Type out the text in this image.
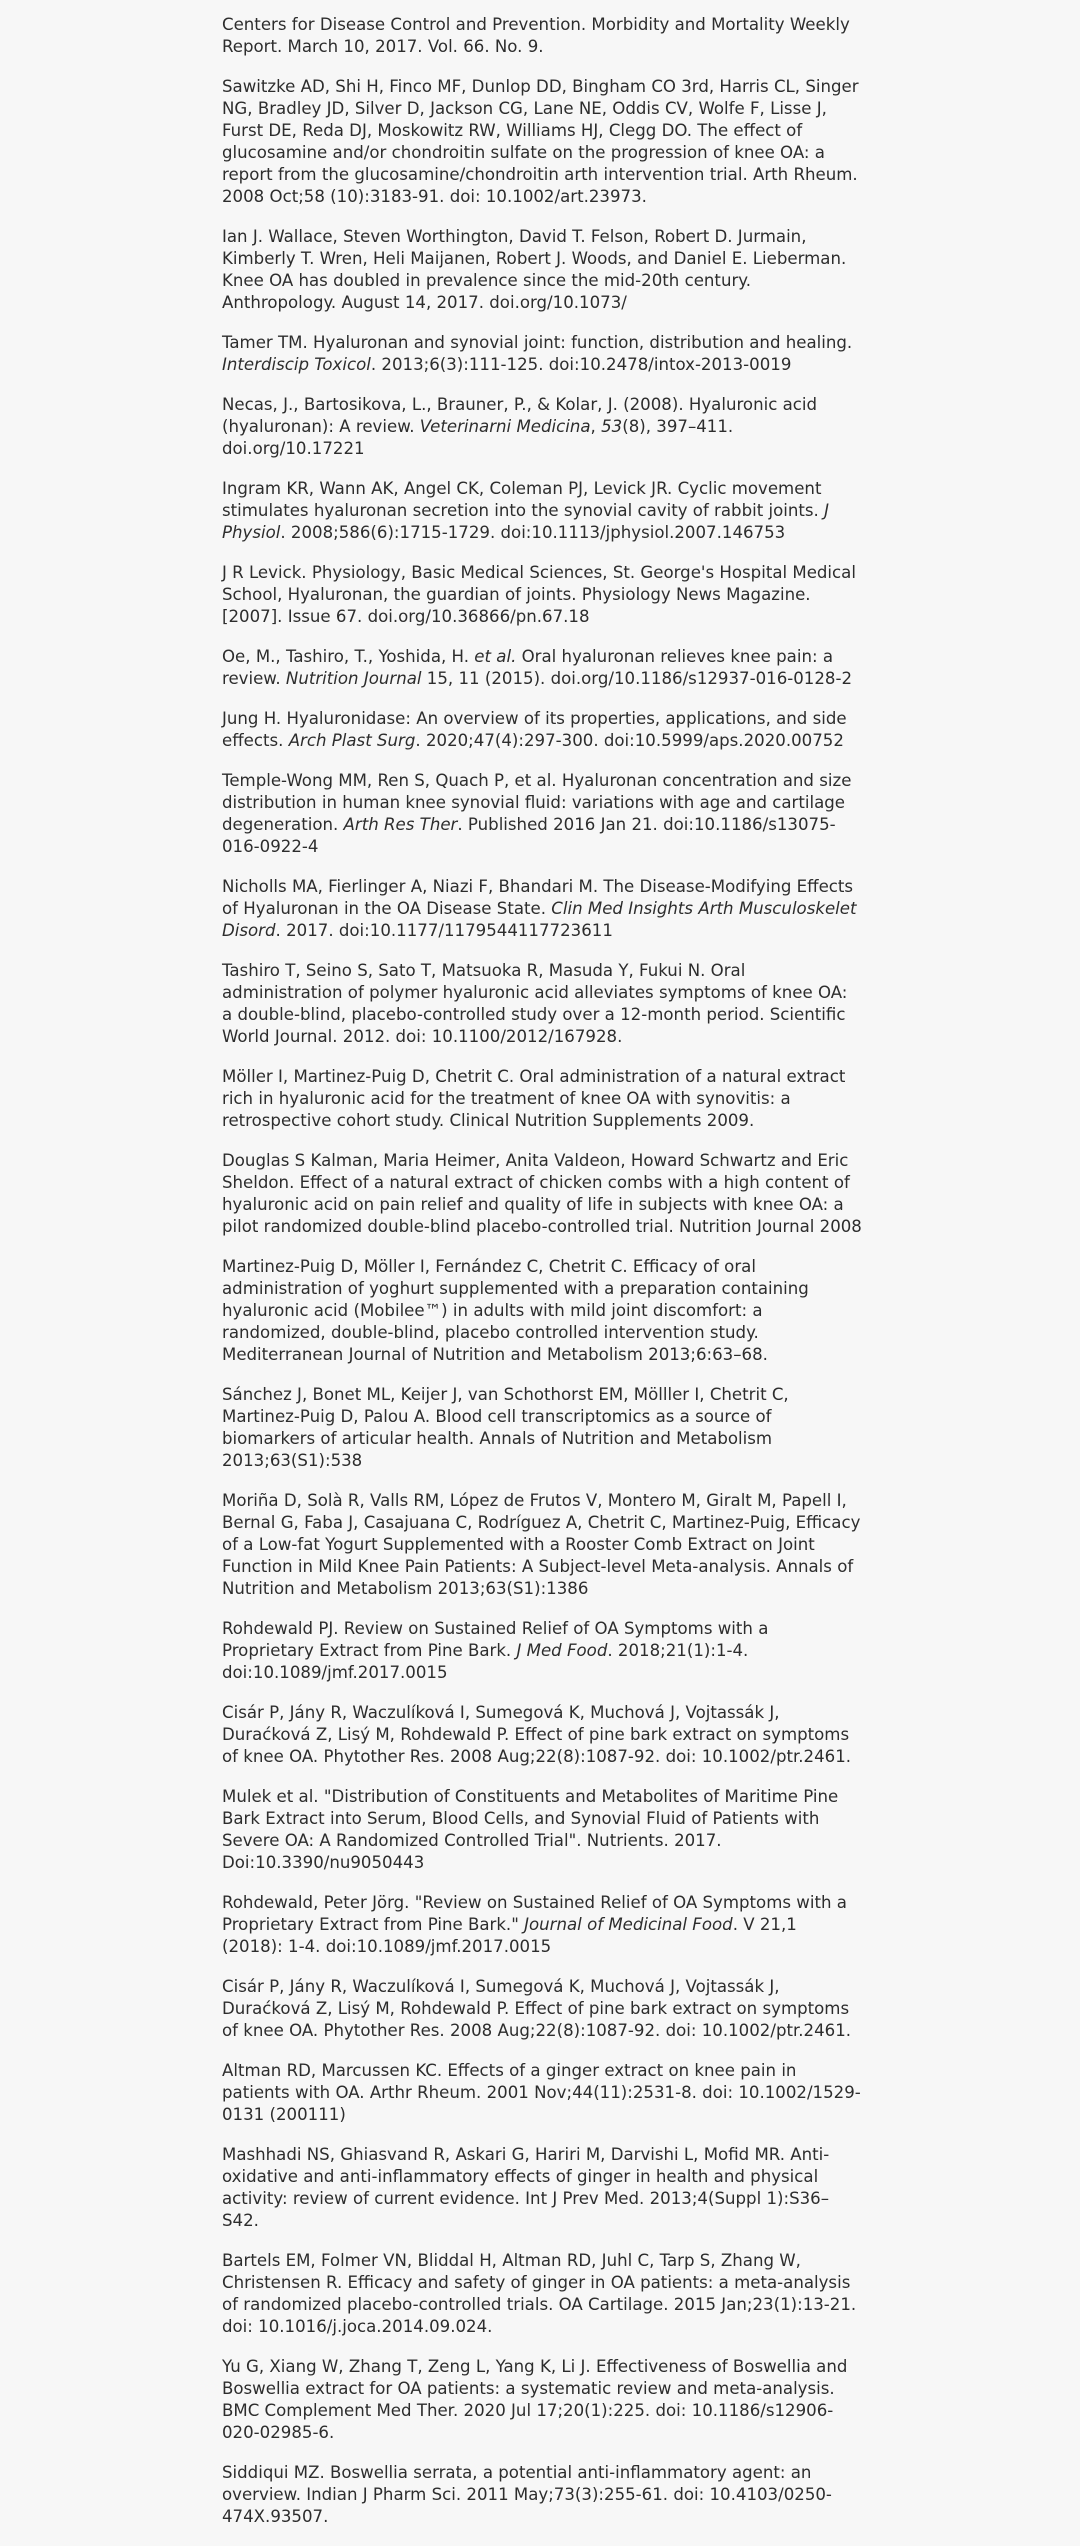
Centers for Disease Control and Prevention. Morbidity and Mortality Weekly Report. March 10, 2017. Vol. 66. No. 9.

Sawitzke AD, Shi H, Finco MF, Dunlop DD, Bingham CO 3rd, Harris CL, Singer NG, Bradley JD, Silver D, Jackson CG, Lane NE, Oddis CV, Wolfe F, Lisse J, Furst DE, Reda DJ, Moskowitz RW, Williams HJ, Clegg DO. The effect of glucosamine and/or chondroitin sulfate on the progression of knee OA: a report from the glucosamine/chondroitin arth intervention trial. Arth Rheum. 2008 Oct;58 (10):3183-91. doi: 10.1002/art.23973.

Ian J. Wallace, Steven Worthington, David T. Felson, Robert D. Jurmain, Kimberly T. Wren, Heli Maijanen, Robert J. Woods, and Daniel E. Lieberman. Knee OA has doubled in prevalence since the mid-20th century. Anthropology. August 14, 2017. doi.org/10.1073/

Tamer TM. Hyaluronan and synovial joint: function, distribution and healing. Interdiscip Toxicol. 2013;6(3):111-125. doi:10.2478/intox-2013-0019

Necas, J., Bartosikova, L., Brauner, P., & Kolar, J. (2008). Hyaluronic acid (hyaluronan): A review. Veterinarni Medicina, 53(8), 397–411. doi.org/10.17221

Ingram KR, Wann AK, Angel CK, Coleman PJ, Levick JR. Cyclic movement stimulates hyaluronan secretion into the synovial cavity of rabbit joints. J Physiol. 2008;586(6):1715-1729. doi:10.1113/jphysiol.2007.146753

J R Levick. Physiology, Basic Medical Sciences, St. George's Hospital Medical School, Hyaluronan, the guardian of joints. Physiology News Magazine. [2007]. Issue 67. doi.org/10.36866/pn.67.18

Oe, M., Tashiro, T., Yoshida, H. et al. Oral hyaluronan relieves knee pain: a review. Nutrition Journal 15, 11 (2015). doi.org/10.1186/s12937-016-0128-2

Jung H. Hyaluronidase: An overview of its properties, applications, and side effects. Arch Plast Surg. 2020;47(4):297-300. doi:10.5999/aps.2020.00752

Temple-Wong MM, Ren S, Quach P, et al. Hyaluronan concentration and size distribution in human knee synovial fluid: variations with age and cartilage degeneration. Arth Res Ther. Published 2016 Jan 21. doi:10.1186/s13075-016-0922-4

Nicholls MA, Fierlinger A, Niazi F, Bhandari M. The Disease-Modifying Effects of Hyaluronan in the OA Disease State. Clin Med Insights Arth Musculoskelet Disord. 2017. doi:10.1177/1179544117723611

Tashiro T, Seino S, Sato T, Matsuoka R, Masuda Y, Fukui N. Oral administration of polymer hyaluronic acid alleviates symptoms of knee OA: a double-blind, placebo-controlled study over a 12-month period. Scientific World Journal. 2012. doi: 10.1100/2012/167928.

Möller I, Martinez-Puig D, Chetrit C. Oral administration of a natural extract rich in hyaluronic acid for the treatment of knee OA with synovitis: a retrospective cohort study. Clinical Nutrition Supplements 2009.

Douglas S Kalman, Maria Heimer, Anita Valdeon, Howard Schwartz and Eric Sheldon. Effect of a natural extract of chicken combs with a high content of hyaluronic acid on pain relief and quality of life in subjects with knee OA: a pilot randomized double-blind placebo-controlled trial. Nutrition Journal 2008

Martinez-Puig D, Möller I, Fernández C, Chetrit C. Efficacy of oral administration of yoghurt supplemented with a preparation containing hyaluronic acid (Mobilee™) in adults with mild joint discomfort: a randomized, double-blind, placebo controlled intervention study. Mediterranean Journal of Nutrition and Metabolism 2013;6:63–68.

Sánchez J, Bonet ML, Keijer J, van Schothorst EM, Mölller I, Chetrit C, Martinez-Puig D, Palou A. Blood cell transcriptomics as a source of biomarkers of articular health. Annals of Nutrition and Metabolism 2013;63(S1):538

Moriña D, Solà R, Valls RM, López de Frutos V, Montero M, Giralt M, Papell I, Bernal G, Faba J, Casajuana C, Rodríguez A, Chetrit C, Martinez-Puig, Efficacy of a Low-fat Yogurt Supplemented with a Rooster Comb Extract on Joint Function in Mild Knee Pain Patients: A Subject-level Meta-analysis. Annals of Nutrition and Metabolism 2013;63(S1):1386

Rohdewald PJ. Review on Sustained Relief of OA Symptoms with a Proprietary Extract from Pine Bark. J Med Food. 2018;21(1):1-4. doi:10.1089/jmf.2017.0015

Cisár P, Jány R, Waczulíková I, Sumegová K, Muchová J, Vojtassák J, Duraćková Z, Lisý M, Rohdewald P. Effect of pine bark extract on symptoms of knee OA. Phytother Res. 2008 Aug;22(8):1087-92. doi: 10.1002/ptr.2461.

Mulek et al. "Distribution of Constituents and Metabolites of Maritime Pine Bark Extract into Serum, Blood Cells, and Synovial Fluid of Patients with Severe OA: A Randomized Controlled Trial". Nutrients. 2017. Doi:10.3390/nu9050443

Rohdewald, Peter Jörg. "Review on Sustained Relief of OA Symptoms with a Proprietary Extract from Pine Bark." Journal of Medicinal Food. V 21,1 (2018): 1-4. doi:10.1089/jmf.2017.0015

Cisár P, Jány R, Waczulíková I, Sumegová K, Muchová J, Vojtassák J, Duraćková Z, Lisý M, Rohdewald P. Effect of pine bark extract on symptoms of knee OA. Phytother Res. 2008 Aug;22(8):1087-92. doi: 10.1002/ptr.2461.

Altman RD, Marcussen KC. Effects of a ginger extract on knee pain in patients with OA. Arthr Rheum. 2001 Nov;44(11):2531-8. doi: 10.1002/1529-0131 (200111)

Mashhadi NS, Ghiasvand R, Askari G, Hariri M, Darvishi L, Mofid MR. Anti-oxidative and anti-inflammatory effects of ginger in health and physical activity: review of current evidence. Int J Prev Med. 2013;4(Suppl 1):S36–S42.

Bartels EM, Folmer VN, Bliddal H, Altman RD, Juhl C, Tarp S, Zhang W, Christensen R. Efficacy and safety of ginger in OA patients: a meta-analysis of randomized placebo-controlled trials. OA Cartilage. 2015 Jan;23(1):13-21. doi: 10.1016/j.joca.2014.09.024.

Yu G, Xiang W, Zhang T, Zeng L, Yang K, Li J. Effectiveness of Boswellia and Boswellia extract for OA patients: a systematic review and meta-analysis. BMC Complement Med Ther. 2020 Jul 17;20(1):225. doi: 10.1186/s12906-020-02985-6.

Siddiqui MZ. Boswellia serrata, a potential anti-inflammatory agent: an overview. Indian J Pharm Sci. 2011 May;73(3):255-61. doi: 10.4103/0250-474X.93507.
